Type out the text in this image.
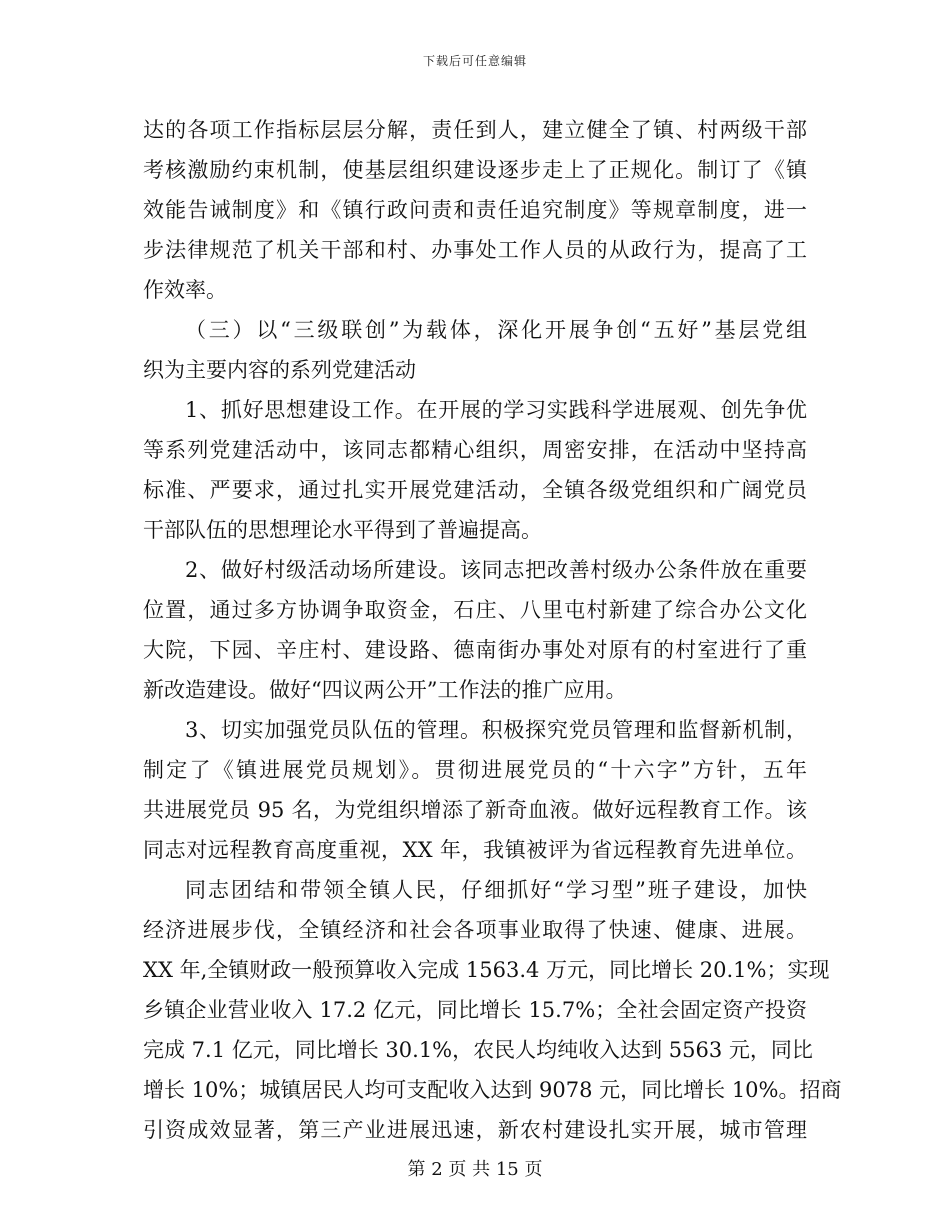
下载后可任意编辑
达的各项工作指标层层分解，责任到人，建立健全了镇、村两级干部
考核激励约束机制，使基层组织建设逐步走上了正规化。制订了《镇
效能告诫制度》和《镇行政问责和责任追究制度》等规章制度，进一
步法律规范了机关干部和村、办事处工作人员的从政行为，提高了工
作效率。
（三）以“三级联创”为载体，深化开展争创“五好”基层党组
织为主要内容的系列党建活动
1、抓好思想建设工作。在开展的学习实践科学进展观、创先争优
等系列党建活动中，该同志都精心组织，周密安排，在活动中坚持高
标准、严要求，通过扎实开展党建活动，全镇各级党组织和广阔党员
干部队伍的思想理论水平得到了普遍提高。
2、做好村级活动场所建设。该同志把改善村级办公条件放在重要
位置，通过多方协调争取资金，石庄、八里屯村新建了综合办公文化
大院，下园、辛庄村、建设路、德南街办事处对原有的村室进行了重
新改造建设。做好“四议两公开”工作法的推广应用。
3、切实加强党员队伍的管理。积极探究党员管理和监督新机制，
制定了《镇进展党员规划》。贯彻进展党员的“十六字”方针，五年
共进展党员 95 名，为党组织增添了新奇血液。做好远程教育工作。该
同志对远程教育高度重视，XX 年，我镇被评为省远程教育先进单位。
同志团结和带领全镇人民，仔细抓好“学习型”班子建设，加快
经济进展步伐，全镇经济和社会各项事业取得了快速、健康、进展。
XX 年,全镇财政一般预算收入完成 1563.4 万元，同比增长 20.1%；实现
乡镇企业营业收入 17.2 亿元，同比增长 15.7%；全社会固定资产投资
完成 7.1 亿元，同比增长 30.1%，农民人均纯收入达到 5563 元，同比
增长 10%；城镇居民人均可支配收入达到 9078 元，同比增长 10%。招商
引资成效显著，第三产业进展迅速，新农村建设扎实开展，城市管理
第 2 页 共 15 页
